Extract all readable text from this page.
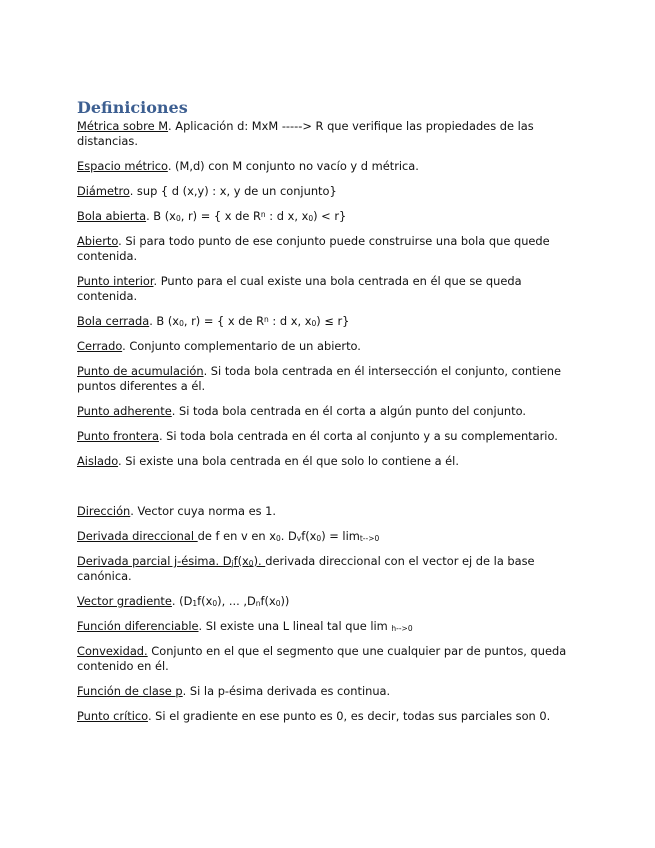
Definiciones

Métrica sobre M. Aplicación d: MxM -----> R que verifique las propiedades de las distancias.

Espacio métrico. (M,d) con M conjunto no vacío y d métrica.

Diámetro. sup { d (x,y) : x, y de un conjunto}

Bola abierta. B ($x_0$, r) = { x de $R^n$ : d x, $x_0) < r$}

Abierto. Si para todo punto de ese conjunto puede construirse una bola que quede contenida.

Punto interior. Punto para el cual existe una bola centrada en él que se queda contenida.

Bola cerrada. B ($x_0$, r) = { x de $R^n$ : d x, $x_0) \le r$}

Cerrado. Conjunto complementario de un abierto.

Punto de acumulación. Si toda bola centrada en él intersección el conjunto, contiene puntos diferentes a él.

Punto adherente. Si toda bola centrada en él corta a algún punto del conjunto.

Punto frontera. Si toda bola centrada en él corta al conjunto y a su complementario.

Aislado. Si existe una bola centrada en él que solo lo contiene a él.

Dirección. Vector cuya norma es 1.

Derivada direccional de f en v en $x_0$. $D_vf(x_0) = \lim_{t-->0}$

Derivada parcial j-ésima. $D_jf(x_0)$. derivada direccional con el vector ej de la base canónica.

Vector gradiente. ($D_1f(x_0)$, ... $,D_nf(x_0)$)

Función diferenciable. SI existe una L lineal tal que lim $_{h-->0}$

Convexidad. Conjunto en el que el segmento que une cualquier par de puntos, queda contenido en él.

Función de clase p. Si la p-ésima derivada es continua.

Punto crítico. Si el gradiente en ese punto es 0, es decir, todas sus parciales son 0.
